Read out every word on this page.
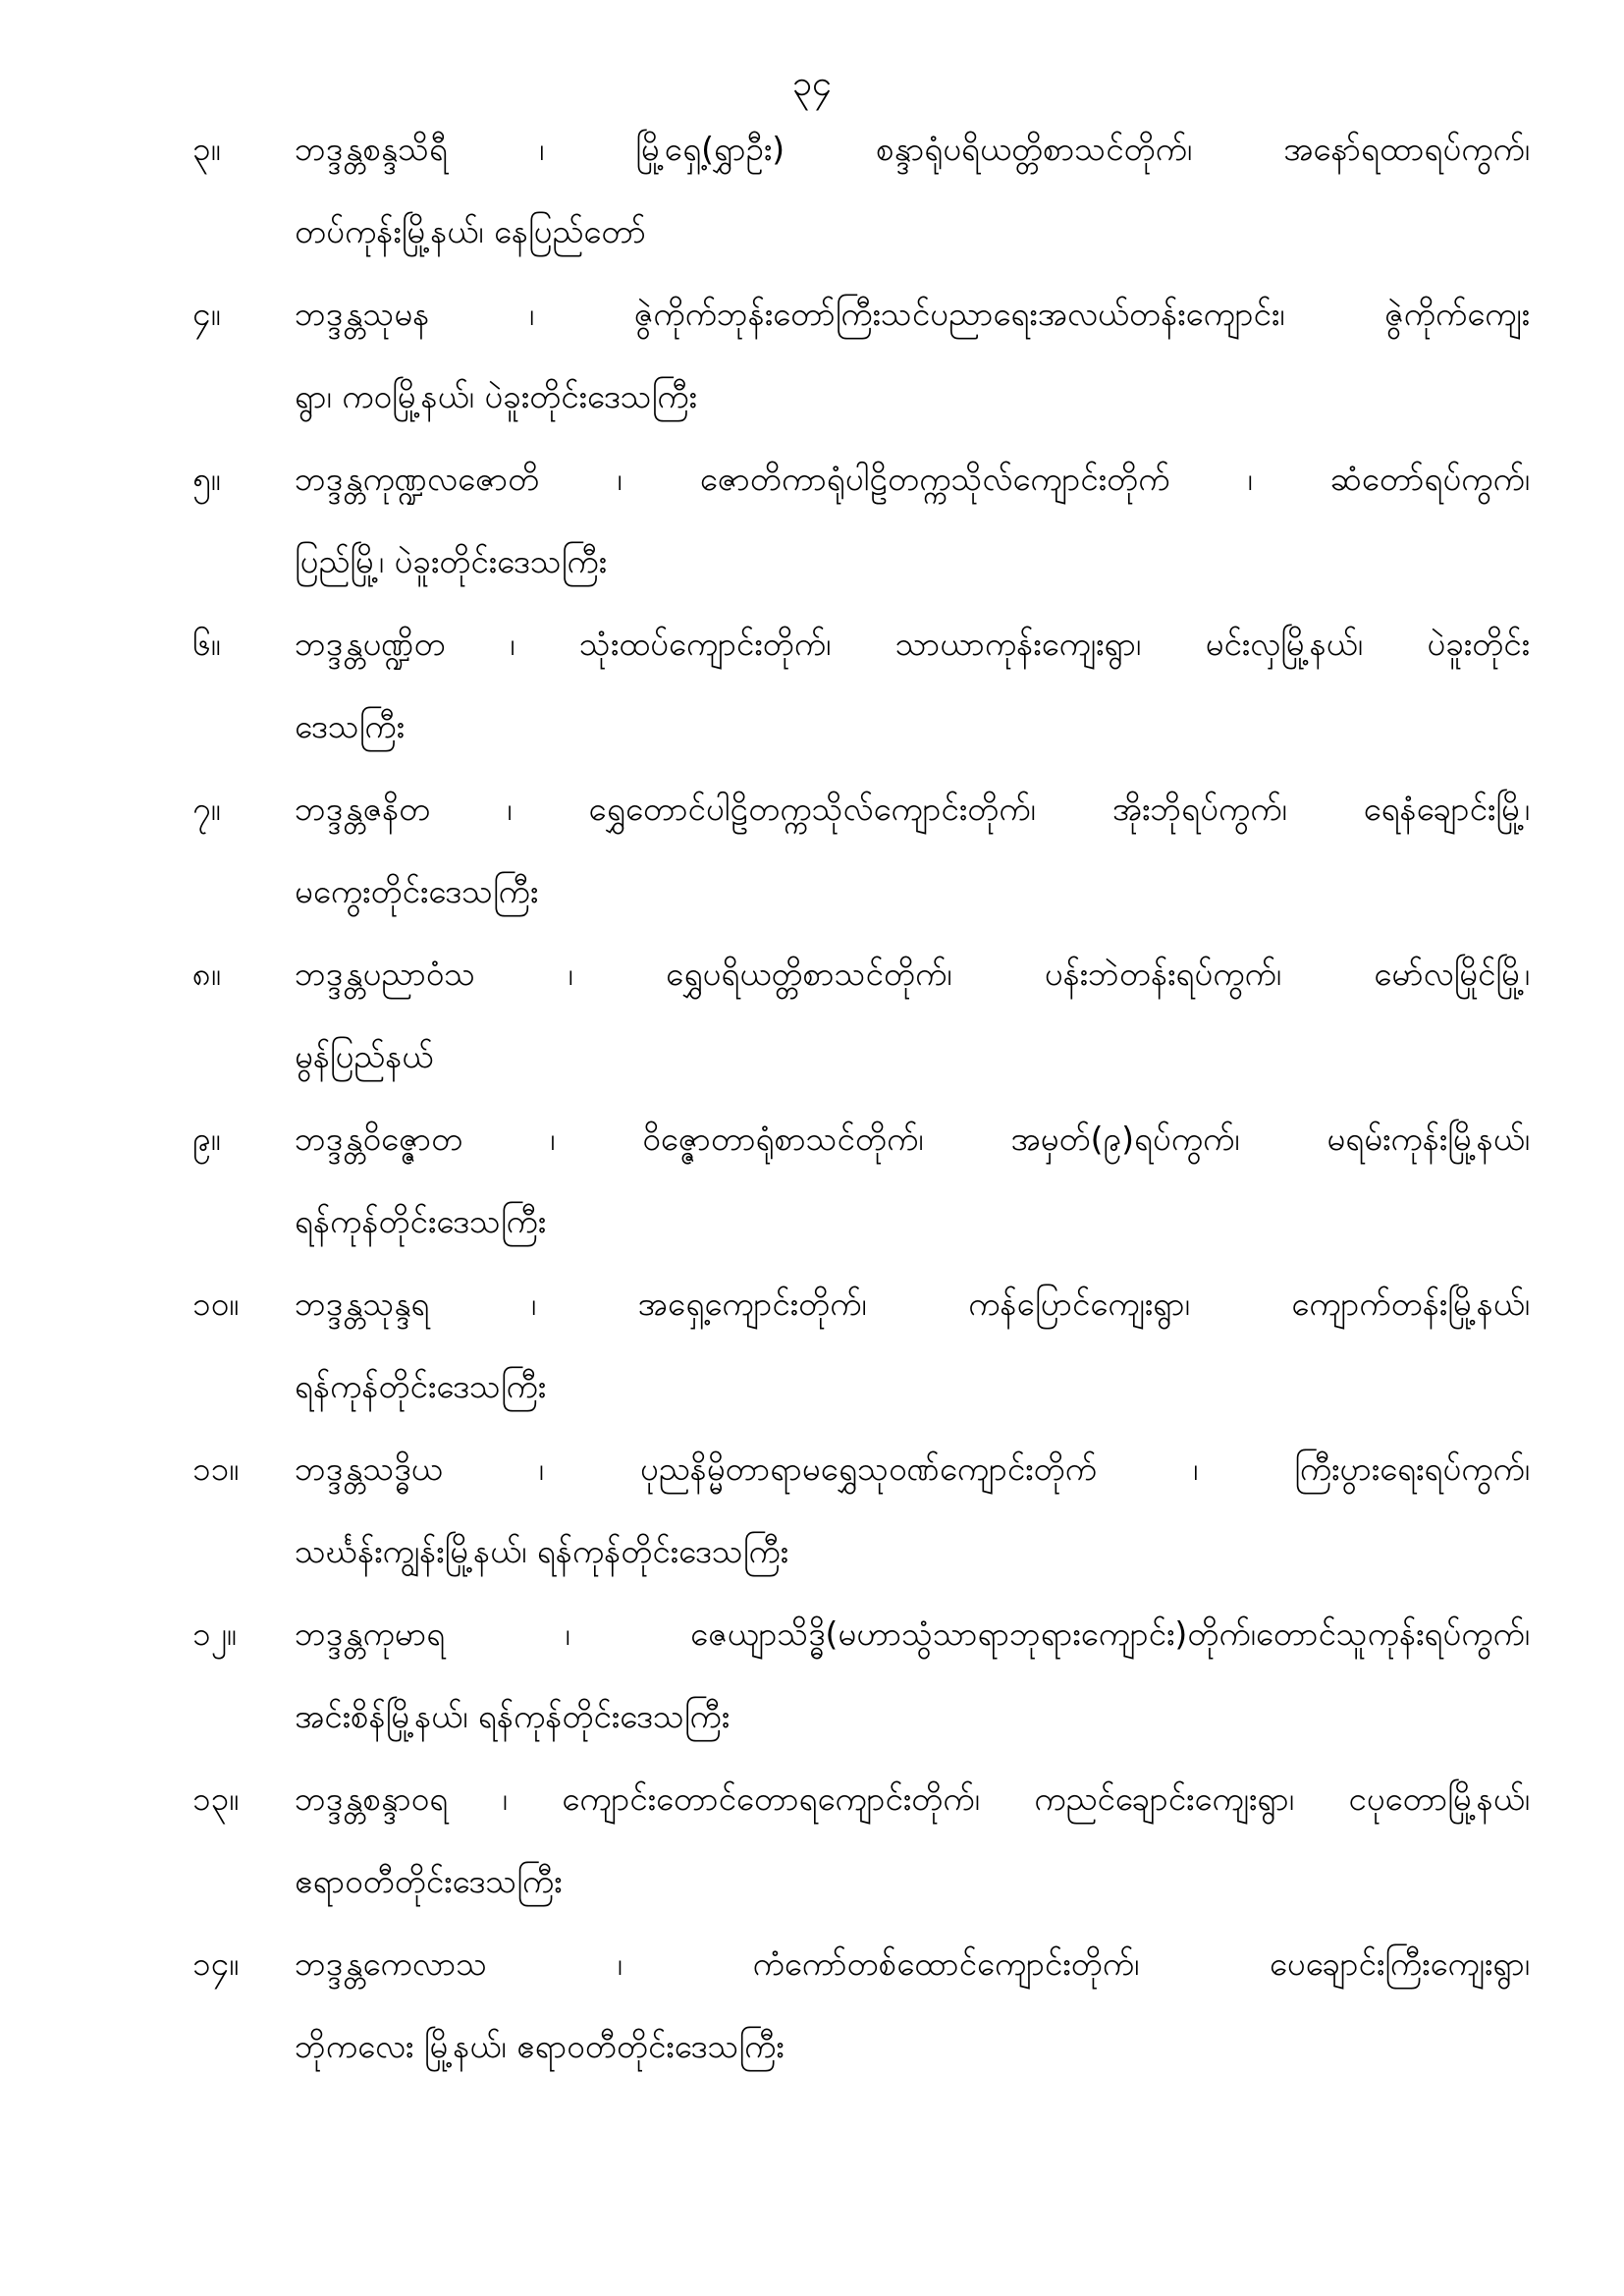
၃၄
၃။	ဘဒ္ဒန္တစန္ဒသိရီ ၊ မြို့ရှေ့(ရွှာဦး) စန္ဒာရုံပရိယတ္တိစာသင်တိုက်၊ အနော်ရထာရပ်ကွက်၊
တပ်ကုန်းမြို့နယ်၊ နေပြည်တော်
၄။	ဘဒ္ဒန္တသုမန ၊ ဇွဲကိုက်ဘုန်းတော်ကြီးသင်ပညာရေးအလယ်တန်းကျောင်း၊ ဇွဲကိုက်ကျေး
ရွာ၊ ကဝမြို့နယ်၊ ပဲခူးတိုင်းဒေသကြီး
၅။	ဘဒ္ဒန္တကုဏ္ဍလဇောတိ ၊ ဇောတိကာရုံပါဠိတက္ကသိုလ်ကျောင်းတိုက် ၊ ဆံတော်ရပ်ကွက်၊
ပြည်မြို့၊ ပဲခူးတိုင်းဒေသကြီး
၆။	ဘဒ္ဒန္တပဏ္ဍိတ ၊ သုံးထပ်ကျောင်းတိုက်၊ သာယာကုန်းကျေးရွာ၊ မင်းလှမြို့နယ်၊ ပဲခူးတိုင်း
ဒေသကြီး
၇။	ဘဒ္ဒန္တဇနိတ ၊ ရွှေတောင်ပါဠိတက္ကသိုလ်ကျောင်းတိုက်၊ အိုးဘိုရပ်ကွက်၊ ရေနံချောင်းမြို့၊
မကွေးတိုင်းဒေသကြီး
၈။	ဘဒ္ဒန္တပညာဝံသ ၊ ရွှေပရိယတ္တိစာသင်တိုက်၊ ပန်းဘဲတန်းရပ်ကွက်၊ မော်လမြိုင်မြို့၊
မွန်ပြည်နယ်
၉။	ဘဒ္ဒန္တဝိဇ္ဇောတ ၊ ဝိဇ္ဇောတာရုံစာသင်တိုက်၊ အမှတ်(၉)ရပ်ကွက်၊ မရမ်းကုန်းမြို့နယ်၊
ရန်ကုန်တိုင်းဒေသကြီး
၁၀။	ဘဒ္ဒန္တသုန္ဒရ ၊ အရှေ့ကျောင်းတိုက်၊ ကန်ပြောင်ကျေးရွာ၊ ကျောက်တန်းမြို့နယ်၊
ရန်ကုန်တိုင်းဒေသကြီး
၁၁။	ဘဒ္ဒန္တသဒ္ဓိယ ၊ ပုညနိမ္မိတာရာမရွှေသုဝဏ်ကျောင်းတိုက် ၊ ကြီးပွားရေးရပ်ကွက်၊
သင်္ဃန်းကျွန်းမြို့နယ်၊ ရန်ကုန်တိုင်းဒေသကြီး
၁၂။	ဘဒ္ဒန္တကုမာရ ၊ ဇေယျာသိဒ္ဓိ(မဟာသွံသာရာဘုရားကျောင်း)တိုက်၊တောင်သူကုန်းရပ်ကွက်၊
အင်းစိန်မြို့နယ်၊ ရန်ကုန်တိုင်းဒေသကြီး
၁၃။	ဘဒ္ဒန္တစန္ဒာဝရ ၊ ကျောင်းတောင်တောရကျောင်းတိုက်၊ ကညင်ချောင်းကျေးရွာ၊ ငပုတောမြို့နယ်၊
ဧရာဝတီတိုင်းဒေသကြီး
၁၄။	ဘဒ္ဒန္တကေလာသ ၊ ကံကော်တစ်ထောင်ကျောင်းတိုက်၊ ပေချောင်းကြီးကျေးရွာ၊
ဘိုကလေး မြို့နယ်၊ ဧရာဝတီတိုင်းဒေသကြီး
